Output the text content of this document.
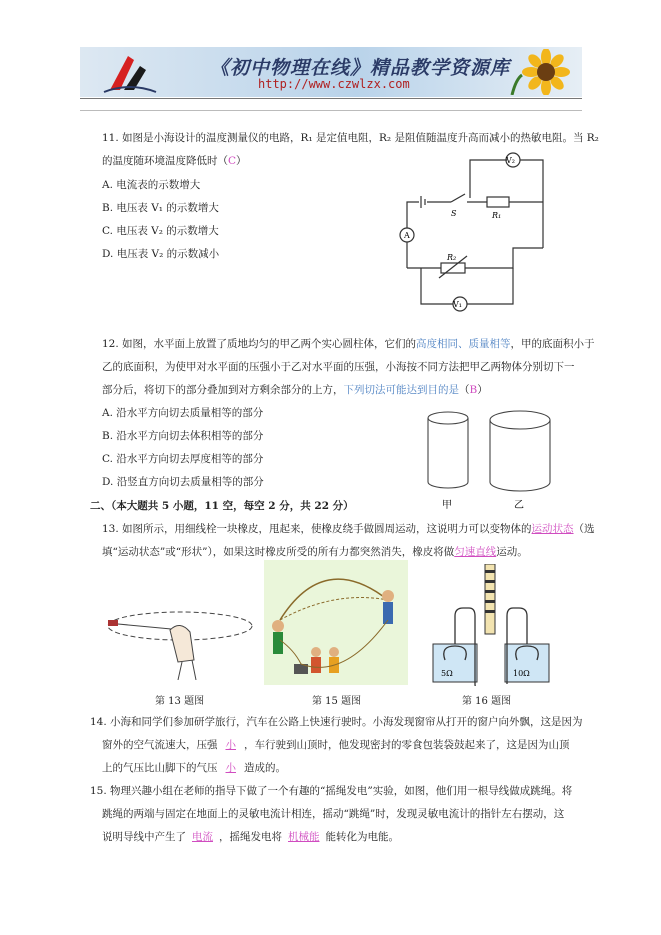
《初中物理在线》精品教学资源库
http://www.czwlzx.com
11. 如图是小海设计的温度测量仪的电路，R₁ 是定值电阻，R₂ 是阻值随温度升高而减小的热敏电阻。当 R₂
的温度随环境温度降低时（C）
A. 电流表的示数增大
B. 电压表 V₁ 的示数增大
C. 电压表 V₂ 的示数增大
D. 电压表 V₂ 的示数减小
V₂
S	R₁
A
R₂
V₁
12. 如图，水平面上放置了质地均匀的甲乙两个实心圆柱体，它们的高度相同、质量相等，甲的底面积小于
乙的底面积，为使甲对水平面的压强小于乙对水平面的压强，小海按不同方法把甲乙两物体分别切下一
部分后，将切下的部分叠加到对方剩余部分的上方，下列切法可能达到目的是（B）
A. 沿水平方向切去质量相等的部分
B. 沿水平方向切去体积相等的部分
C. 沿水平方向切去厚度相等的部分
D. 沿竖直方向切去质量相等的部分
甲	乙
二、（本大题共 5 小题，11 空，每空 2 分，共 22 分）
13. 如图所示，用细线栓一块橡皮，甩起来，使橡皮绕手做圆周运动，这说明力可以变物体的运动状态（选
填“运动状态”或“形状”），如果这时橡皮所受的所有力都突然消失，橡皮将做匀速直线运动。
第 13 题图	第 15 题图
5Ω	10Ω
第 16 题图
14. 小海和同学们参加研学旅行，汽车在公路上快速行驶时。小海发现窗帘从打开的窗户向外飘，这是因为
窗外的空气流速大，压强 小 ，车行驶到山顶时，他发现密封的零食包装袋鼓起来了，这是因为山顶
上的气压比山脚下的气压 小 造成的。
15. 物理兴趣小组在老师的指导下做了一个有趣的“摇绳发电”实验，如图，他们用一根导线做成跳绳。将
跳绳的两端与固定在地面上的灵敏电流计相连，摇动“跳绳”时，发现灵敏电流计的指针左右摆动，这
说明导线中产生了 电流 ，摇绳发电将 机械能 能转化为电能。
